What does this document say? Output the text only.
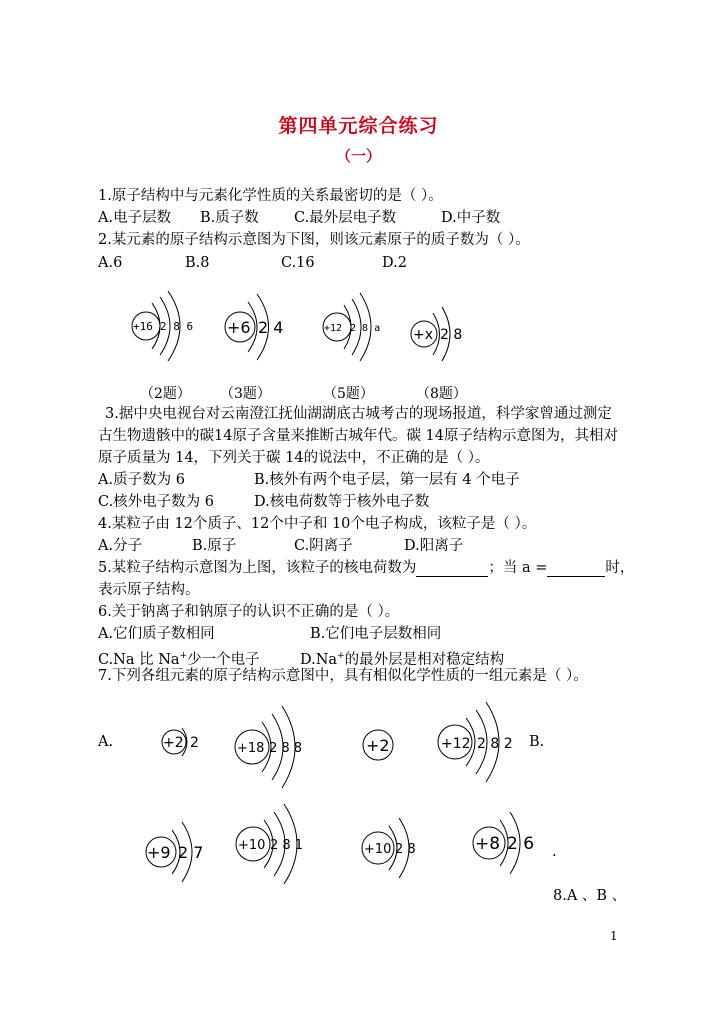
第四单元综合练习
（一）
1.原子结构中与元素化学性质的关系最密切的是（ ）。
A.电子层数 B.质子数 C.最外层电子数	D.中子数
2.某元素的原子结构示意图为下图，则该元素原子的质子数为（ ）。
A.6	B.8	C.16	D.2
+16 2 8 6 +6 2 4	+12 2 8 a +x 2 8
+2 2	+18 2 8 8	+2	+12 2 8 2
+9 2 7	+10 2 8 1	+10 2 8	+8 2 6
（2题） （3题）	（5题）	（8题）
3.据中央电视台对云南澄江抚仙湖湖底古城考古的现场报道，科学家曾通过测定
古生物遗骸中的碳14原子含量来推断古城年代。碳 14原子结构示意图为，其相对
原子质量为 14，下列关于碳 14的说法中，不正确的是（ ）。
A.质子数为 6	B.核外有两个电子层，第一层有 4 个电子
C.核外电子数为 6	D.核电荷数等于核外电子数
4.某粒子由 12个质子、12个中子和 10个电子构成，该粒子是（ ）。
A.分子	B.原子	C.阴离子	D.阳离子
5.某粒子结构示意图为上图，该粒子的核电荷数为	；当 a =	时，
表示原子结构。
6.关于钠离子和钠原子的认识不正确的是（ ）。
A.它们质子数相同	B.它们电子层数相同
C.Na 比 Na+少一个电子	D.Na+的最外层是相对稳定结构
7.下列各组元素的原子结构示意图中，具有相似化学性质的一组元素是（ ）。
A.	B.
.
8.A 、B 、
1
